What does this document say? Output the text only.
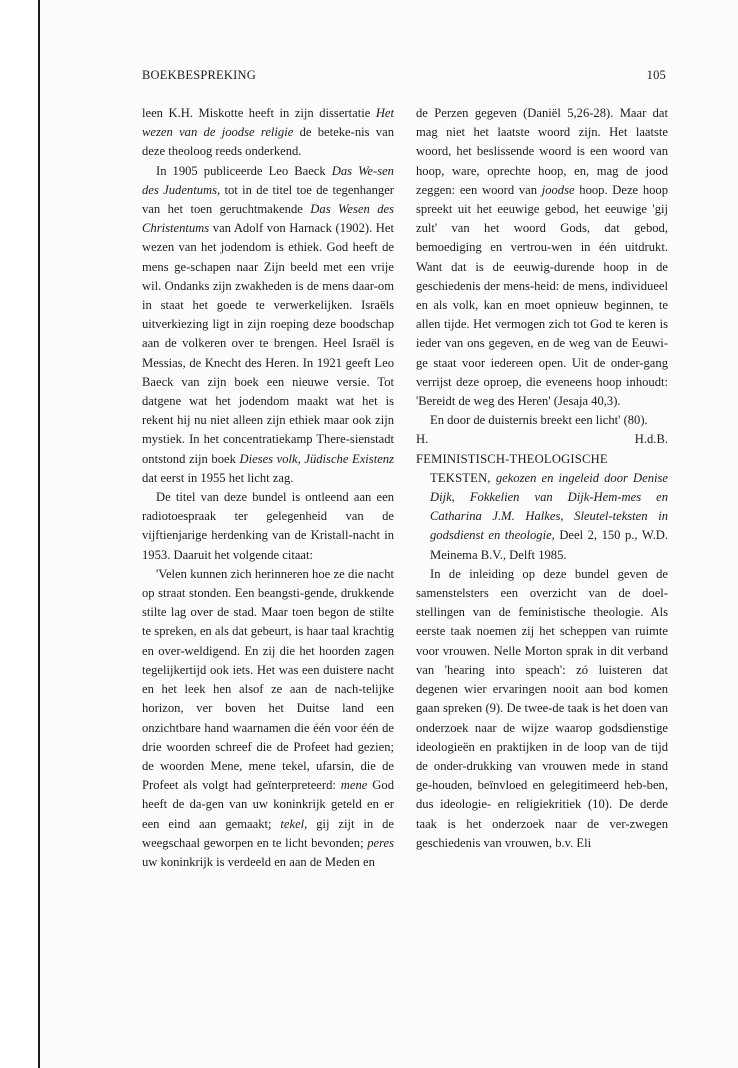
BOEKBESPREKING	105

leen K.H. Miskotte heeft in zijn dissertatie Het wezen van de joodse religie de beteke-nis van deze theoloog reeds onderkend.

In 1905 publiceerde Leo Baeck Das We-sen des Judentums, tot in de titel toe de tegenhanger van het toen geruchtmakende Das Wesen des Christentums van Adolf von Harnack (1902). Het wezen van het jodendom is ethiek. God heeft de mens ge-schapen naar Zijn beeld met een vrije wil. Ondanks zijn zwakheden is de mens daar-om in staat het goede te verwerkelijken. Israëls uitverkiezing ligt in zijn roeping deze boodschap aan de volkeren over te brengen. Heel Israël is Messias, de Knecht des Heren. In 1921 geeft Leo Baeck van zijn boek een nieuwe versie. Tot datgene wat het jodendom maakt wat het is rekent hij nu niet alleen zijn ethiek maar ook zijn mystiek. In het concentratiekamp There-sienstadt ontstond zijn boek Dieses volk, Jüdische Existenz dat eerst in 1955 het licht zag.

De titel van deze bundel is ontleend aan een radiotoespraak ter gelegenheid van de vijftienjarige herdenking van de Kristall-nacht in 1953. Daaruit het volgende citaat:

'Velen kunnen zich herinneren hoe ze die nacht op straat stonden. Een beangsti-gende, drukkende stilte lag over de stad. Maar toen begon de stilte te spreken, en als dat gebeurt, is haar taal krachtig en over-weldigend. En zij die het hoorden zagen tegelijkertijd ook iets. Het was een duistere nacht en het leek hen alsof ze aan de nach-telijke horizon, ver boven het Duitse land een onzichtbare hand waarnamen die één voor één de drie woorden schreef die de Profeet had gezien; de woorden Mene, mene tekel, ufarsin, die de Profeet als volgt had geïnterpreteerd: mene God heeft de da-gen van uw koninkrijk geteld en er een eind aan gemaakt; tekel, gij zijt in de weegschaal geworpen en te licht bevonden; peres uw koninkrijk is verdeeld en aan de Meden en

de Perzen gegeven (Daniël 5,26-28). Maar dat mag niet het laatste woord zijn. Het laatste woord, het beslissende woord is een woord van hoop, ware, oprechte hoop, en, mag de jood zeggen: een woord van joodse hoop. Deze hoop spreekt uit het eeuwige gebod, het eeuwige 'gij zult' van het woord Gods, dat gebod, bemoediging en vertrou-wen in één uitdrukt. Want dat is de eeuwig-durende hoop in de geschiedenis der mens-heid: de mens, individueel en als volk, kan en moet opnieuw beginnen, te allen tijde. Het vermogen zich tot God te keren is ieder van ons gegeven, en de weg van de Eeuwi-ge staat voor iedereen open. Uit de onder-gang verrijst deze oproep, die eveneens hoop inhoudt: 'Bereidt de weg des Heren' (Jesaja 40,3).

En door de duisternis breekt een licht' (80).

H.	H.d.B.

FEMINISTISCH-THEOLOGISCHE TEKSTEN, gekozen en ingeleid door Denise Dijk, Fokkelien van Dijk-Hem-mes en Catharina J.M. Halkes, Sleutel-teksten in godsdienst en theologie, Deel 2, 150 p., W.D. Meinema B.V., Delft 1985.

In de inleiding op deze bundel geven de samenstelsters een overzicht van de doel-stellingen van de feministische theologie. Als eerste taak noemen zij het scheppen van ruimte voor vrouwen. Nelle Morton sprak in dit verband van 'hearing into speach': zó luisteren dat degenen wier ervaringen nooit aan bod komen gaan spreken (9). De twee-de taak is het doen van onderzoek naar de wijze waarop godsdienstige ideologieën en praktijken in de loop van de tijd de onder-drukking van vrouwen mede in stand ge-houden, beïnvloed en gelegitimeerd heb-ben, dus ideologie- en religiekritiek (10). De derde taak is het onderzoek naar de ver-zwegen geschiedenis van vrouwen, b.v. Eli
